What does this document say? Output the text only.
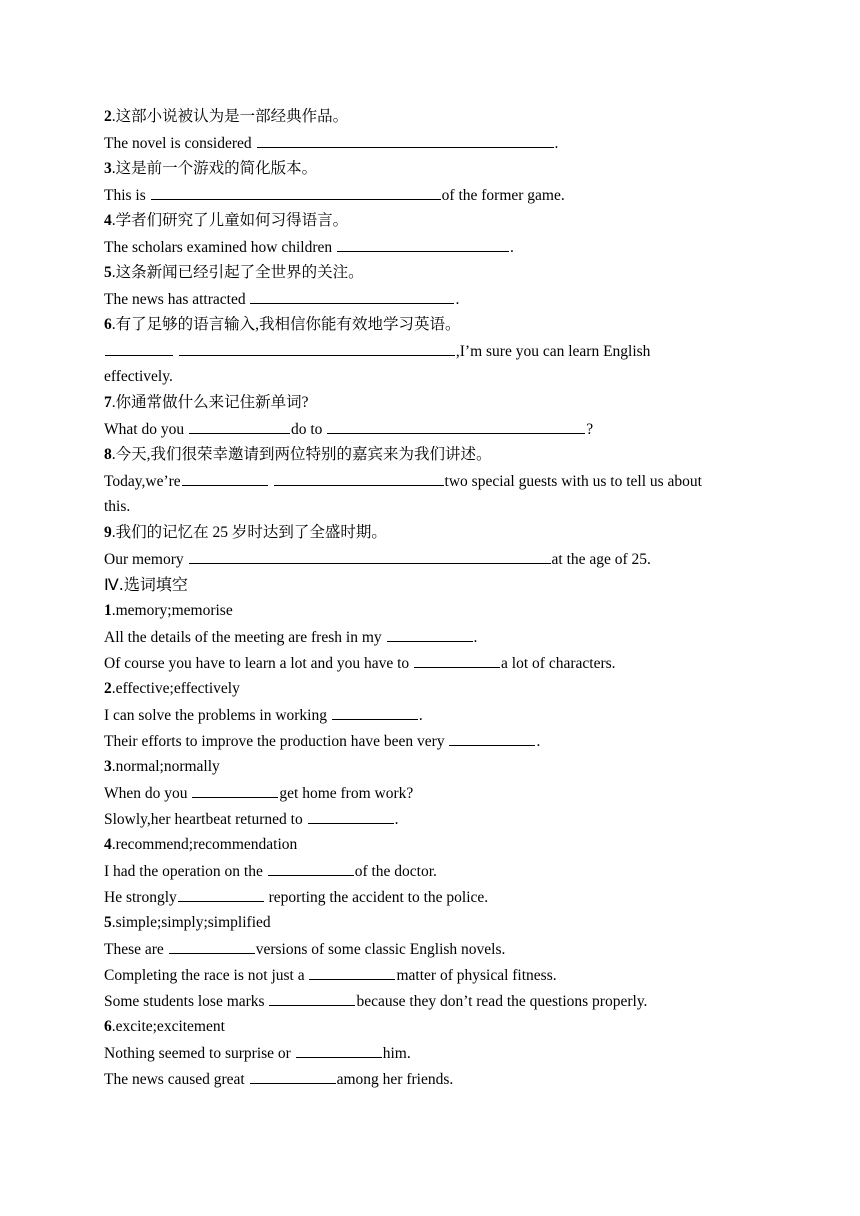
2.这部小说被认为是一部经典作品。
The novel is considered	.
3.这是前一个游戏的简化版本。
This is	of the former game.
4.学者们研究了儿童如何习得语言。
The scholars examined how children	.
5.这条新闻已经引起了全世界的关注。
The news has attracted	.
6.有了足够的语言输入,我相信你能有效地学习英语。
,I’m sure you can learn English
effectively.
7.你通常做什么来记住新单词?
What do you	do to	?
8.今天,我们很荣幸邀请到两位特别的嘉宾来为我们讲述。
Today,we’re	two special guests with us to tell us about
this.
9.我们的记忆在 25 岁时达到了全盛时期。
Our memory	at the age of 25.
Ⅳ.选词填空
1.memory;memorise
All the details of the meeting are fresh in my	.
Of course you have to learn a lot and you have to	a lot of characters.
2.effective;effectively
I can solve the problems in working	.
Their efforts to improve the production have been very	.
3.normal;normally
When do you	get home from work?
Slowly,her heartbeat returned to	.
4.recommend;recommendation
I had the operation on the	of the doctor.
He strongly	reporting the accident to the police.
5.simple;simply;simplified
These are	versions of some classic English novels.
Completing the race is not just a	matter of physical fitness.
Some students lose marks	because they don’t read the questions properly.
6.excite;excitement
Nothing seemed to surprise or	him.
The news caused great	among her friends.
